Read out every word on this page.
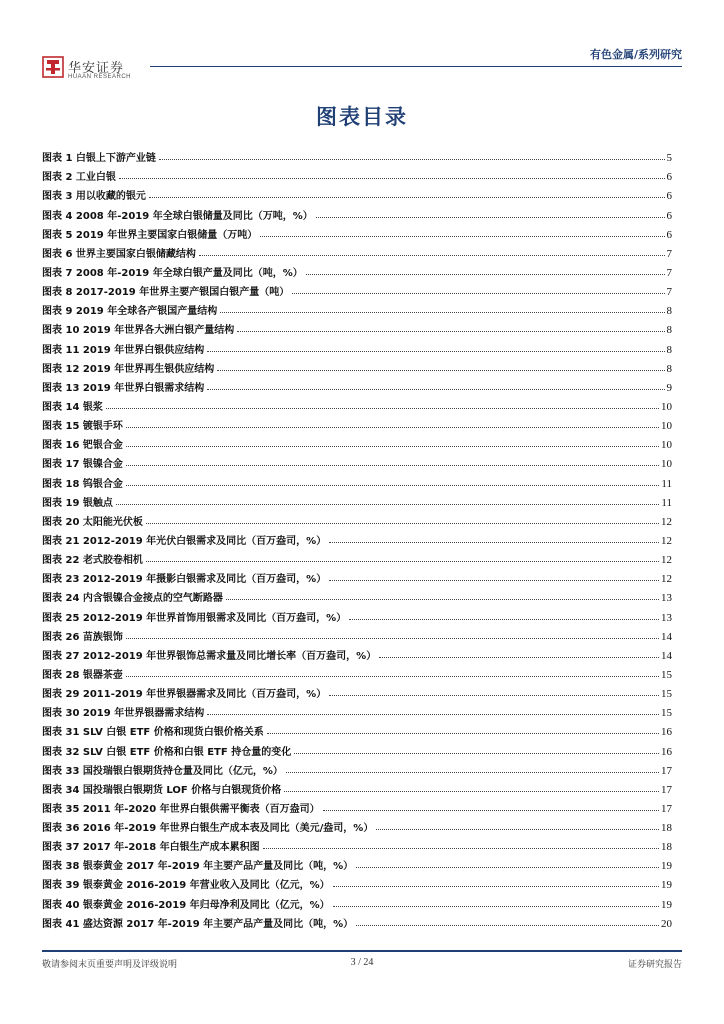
华安证券
HUAAN RESEARCH
有色金属/系列研究
图表目录
图表 1 白银上下游产业链	5
图表 2 工业白银	6
图表 3 用以收藏的银元	6
图表 4 2008 年-2019 年全球白银储量及同比（万吨，%）	6
图表 5 2019 年世界主要国家白银储量（万吨）	6
图表 6 世界主要国家白银储藏结构	7
图表 7 2008 年-2019 年全球白银产量及同比（吨，%）	7
图表 8 2017-2019 年世界主要产银国白银产量（吨）	7
图表 9 2019 年全球各产银国产量结构	8
图表 10 2019 年世界各大洲白银产量结构	8
图表 11 2019 年世界白银供应结构	8
图表 12 2019 年世界再生银供应结构	8
图表 13 2019 年世界白银需求结构	9
图表 14 银浆	10
图表 15 镀银手环	10
图表 16 钯银合金	10
图表 17 银镍合金	10
图表 18 钨银合金	11
图表 19 银触点	11
图表 20 太阳能光伏板	12
图表 21 2012-2019 年光伏白银需求及同比（百万盎司，%）	12
图表 22 老式胶卷相机	12
图表 23 2012-2019 年摄影白银需求及同比（百万盎司，%）	12
图表 24 内含银镍合金接点的空气断路器	13
图表 25 2012-2019 年世界首饰用银需求及同比（百万盎司，%）	13
图表 26 苗族银饰	14
图表 27 2012-2019 年世界银饰总需求量及同比增长率（百万盎司，%）	14
图表 28 银器茶壶	15
图表 29 2011-2019 年世界银器需求及同比（百万盎司，%）	15
图表 30 2019 年世界银器需求结构	15
图表 31 SLV 白银 ETF 价格和现货白银价格关系	16
图表 32 SLV 白银 ETF 价格和白银 ETF 持仓量的变化	16
图表 33 国投瑞银白银期货持仓量及同比（亿元，%）	17
图表 34 国投瑞银白银期货 LOF 价格与白银现货价格	17
图表 35 2011 年-2020 年世界白银供需平衡表（百万盎司）	17
图表 36 2016 年-2019 年世界白银生产成本表及同比（美元/盎司，%）	18
图表 37 2017 年-2018 年白银生产成本累积图	18
图表 38 银泰黄金 2017 年-2019 年主要产品产量及同比（吨，%）	19
图表 39 银泰黄金 2016-2019 年营业收入及同比（亿元，%）	19
图表 40 银泰黄金 2016-2019 年归母净利及同比（亿元，%）	19
图表 41 盛达资源 2017 年-2019 年主要产品产量及同比（吨，%）	20
敬请参阅末页重要声明及评级说明	3 / 24	证券研究报告
